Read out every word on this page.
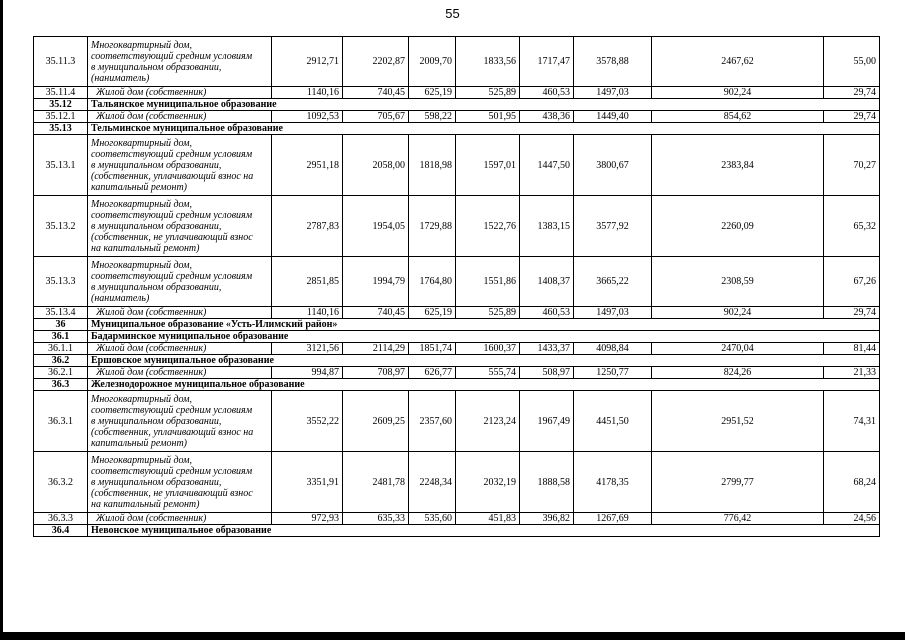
55
35.11.3	Многоквартирный дом,
соответствующий средним условиям
в муниципальном образовании,
(наниматель)	2912,71	2202,87	2009,70	1833,56	1717,47	3578,88	2467,62	55,00
35.11.4	Жилой дом (собственник)	1140,16	740,45	625,19	525,89	460,53	1497,03	902,24	29,74
35.12	Тальянское муниципальное образование								
35.12.1	Жилой дом (собственник)	1092,53	705,67	598,22	501,95	438,36	1449,40	854,62	29,74
35.13	Тельминское муниципальное образование								
35.13.1	Многоквартирный дом,
соответствующий средним условиям
в муниципальном образовании,
(собственник, уплачивающий взнос на
капитальный ремонт)	2951,18	2058,00	1818,98	1597,01	1447,50	3800,67	2383,84	70,27
35.13.2	Многоквартирный дом,
соответствующий средним условиям
в муниципальном образовании,
(собственник, не уплачивающий взнос
на капитальный ремонт)	2787,83	1954,05	1729,88	1522,76	1383,15	3577,92	2260,09	65,32
35.13.3	Многоквартирный дом,
соответствующий средним условиям
в муниципальном образовании,
(наниматель)	2851,85	1994,79	1764,80	1551,86	1408,37	3665,22	2308,59	67,26
35.13.4	Жилой дом (собственник)	1140,16	740,45	625,19	525,89	460,53	1497,03	902,24	29,74
36	Муниципальное образование «Усть-Илимский район»								
36.1	Бадарминское муниципальное образование								
36.1.1	Жилой дом (собственник)	3121,56	2114,29	1851,74	1600,37	1433,37	4098,84	2470,04	81,44
36.2	Ершовское муниципальное образование								
36.2.1	Жилой дом (собственник)	994,87	708,97	626,77	555,74	508,97	1250,77	824,26	21,33
36.3	Железнодорожное муниципальное образование								
36.3.1	Многоквартирный дом,
соответствующий средним условиям
в муниципальном образовании,
(собственник, уплачивающий взнос на
капитальный ремонт)	3552,22	2609,25	2357,60	2123,24	1967,49	4451,50	2951,52	74,31
36.3.2	Многоквартирный дом,
соответствующий средним условиям
в муниципальном образовании,
(собственник, не уплачивающий взнос
на капитальный ремонт)	3351,91	2481,78	2248,34	2032,19	1888,58	4178,35	2799,77	68,24
36.3.3	Жилой дом (собственник)	972,93	635,33	535,60	451,83	396,82	1267,69	776,42	24,56
36.4	Невонское муниципальное образование								
